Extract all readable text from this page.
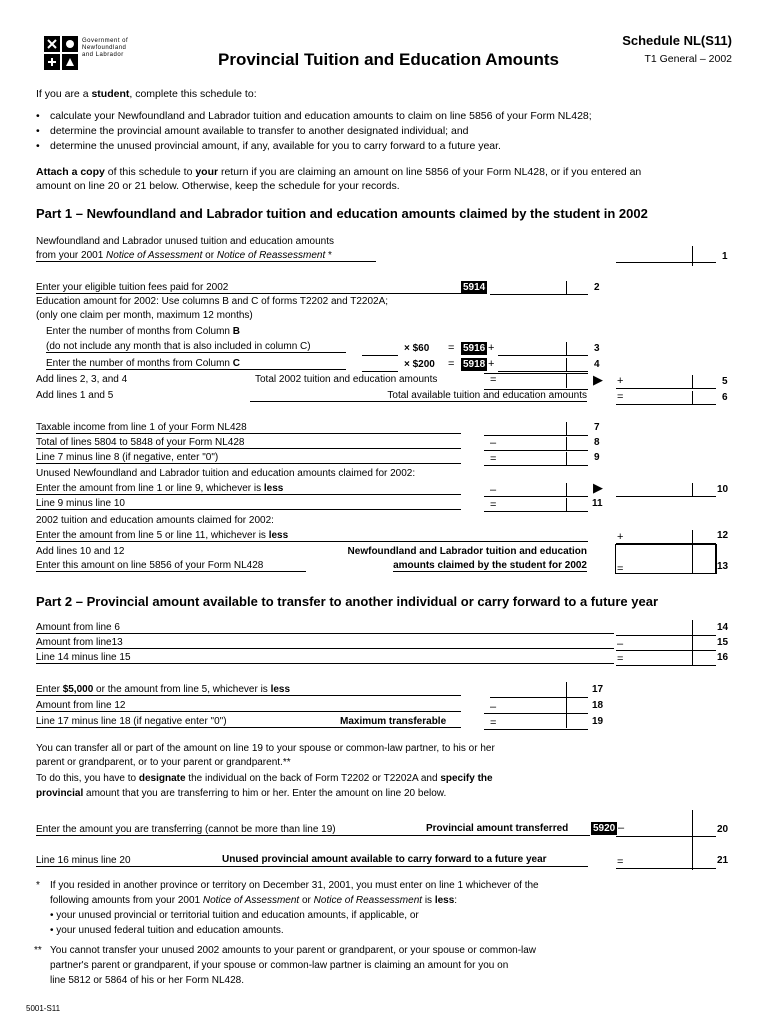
Government of
Newfoundland
and Labrador	Provincial Tuition and Education Amounts
Schedule NL(S11)
T1 General – 2002
If you are a student, complete this schedule to:
• calculate your Newfoundland and Labrador tuition and education amounts to claim on line 5856 of your Form NL428;
• determine the provincial amount available to transfer to another designated individual; and
• determine the unused provincial amount, if any, available for you to carry forward to a future year.
Attach a copy of this schedule to your return if you are claiming an amount on line 5856 of your Form NL428, or if you entered an
amount on line 20 or 21 below. Otherwise, keep the schedule for your records.
Part 1 – Newfoundland and Labrador tuition and education amounts claimed by the student in 2002
Newfoundland and Labrador unused tuition and education amounts
from your 2001 Notice of Assessment or Notice of Reassessment *	1
Enter your eligible tuition fees paid for 2002	5914	2
Education amount for 2002: Use columns B and C of forms T2202 and T2202A;
(only one claim per month, maximum 12 months)
Enter the number of months from Column B
(do not include any month that is also included in column C)	× $60 = 5916 +	3
Enter the number of months from Column C	× $200 = 5918 +	4
Add lines 2, 3, and 4	Total 2002 tuition and education amounts	=	▶ +	5
Add lines 1 and 5	Total available tuition and education amounts	=	6
Taxable income from line 1 of your Form NL428	7
Total of lines 5804 to 5848 of your Form NL428	–	8
Line 7 minus line 8 (if negative, enter "0")	=	9
Unused Newfoundland and Labrador tuition and education amounts claimed for 2002:
Enter the amount from line 1 or line 9, whichever is less	–	▶	10
Line 9 minus line 10	=	11
2002 tuition and education amounts claimed for 2002:
Enter the amount from line 5 or line 11, whichever is less	+	12
Add lines 10 and 12
Enter this amount on line 5856 of your Form NL428
Newfoundland and Labrador tuition and education
amounts claimed by the student for 2002	=	13
Part 2 – Provincial amount available to transfer to another individual or carry forward to a future year
Amount from line 6	14
Amount from line13	–	15
Line 14 minus line 15	=	16
Enter $5,000 or the amount from line 5, whichever is less	17
Amount from line 12	–	18
Line 17 minus line 18 (if negative enter "0")	Maximum transferable	=	19
You can transfer all or part of the amount on line 19 to your spouse or common-law partner, to his or her
parent or grandparent, or to your parent or grandparent.**
To do this, you have to designate the individual on the back of Form T2202 or T2202A and specify the
provincial amount that you are transferring to him or her. Enter the amount on line 20 below.
Enter the amount you are transferring (cannot be more than line 19)	Provincial amount transferred 5920 –	20
Line 16 minus line 20	Unused provincial amount available to carry forward to a future year	=	21
* If you resided in another province or territory on December 31, 2001, you must enter on line 1 whichever of the
following amounts from your 2001 Notice of Assessment or Notice of Reassessment is less:
• your unused provincial or territorial tuition and education amounts, if applicable, or
• your unused federal tuition and education amounts.
** You cannot transfer your unused 2002 amounts to your parent or grandparent, or your spouse or common-law
partner's parent or grandparent, if your spouse or common-law partner is claiming an amount for you on
line 5812 or 5864 of his or her Form NL428.
5001-S11
